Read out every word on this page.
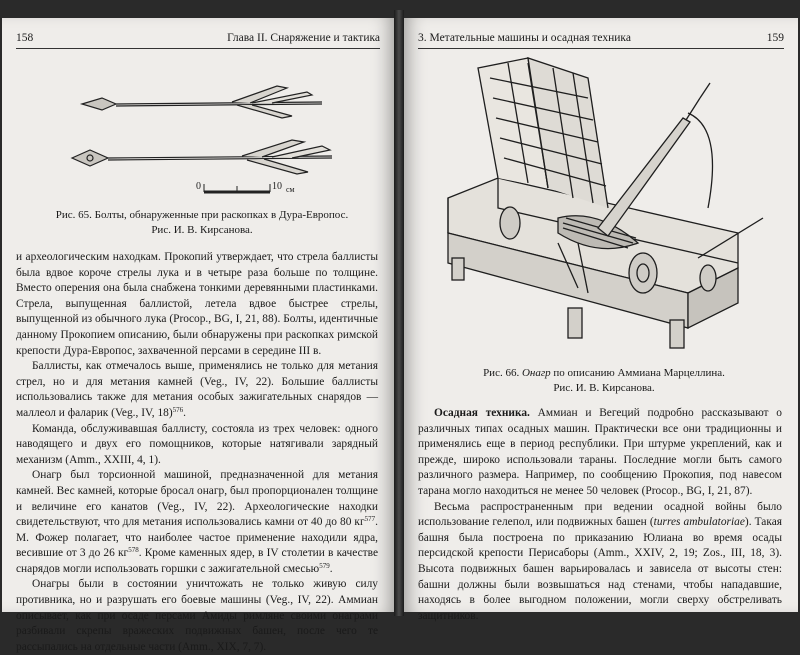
158	Глава II. Снаряжение и тактика
0	10 см
Рис. 65. Болты, обнаруженные при раскопках в Дура-Европос.
Рис. И. В. Кирсанова.

и археологическим находкам. Прокопий утверждает, что стрела баллисты была вдвое короче стрелы лука и в четыре раза больше по толщине. Вместо оперения она была снабжена тонкими деревянными пластинками. Стрела, выпущенная баллистой, летела вдвое быстрее стрелы, выпущенной из обычного лука (Procop., BG, I, 21, 88). Болты, идентичные данному Прокопием описанию, были обнаружены при раскопках римской крепости Дура-Европос, захваченной персами в середине III в.

Баллисты, как отмечалось выше, применялись не только для метания стрел, но и для метания камней (Veg., IV, 22). Большие баллисты использовались также для метания особых зажигательных снарядов — маллеол и фаларик (Veg., IV, 18)$^{576}$.

Команда, обслуживавшая баллисту, состояла из трех человек: одного наводящего и двух его помощников, которые натягивали зарядный механизм (Amm., XXIII, 4, 1).

Онагр был торсионной машиной, предназначенной для метания камней. Вес камней, которые бросал онагр, был пропорционален толщине и величине его канатов (Veg., IV, 22). Археологические находки свидетельствуют, что для метания использовались камни от 40 до 80 $кг^{577}$. М. Фожер полагает, что наиболее частое применение находили ядра, весившие от 3 до 26 $кг^{578}$. Кроме каменных ядер, в IV столетии в качестве снарядов могли использовать горшки с зажигательной смесью$^{579}$.

Онагры были в состоянии уничтожать не только живую силу противника, но и разрушать его боевые машины (Veg., IV, 22). Аммиан описывает, как при осаде персами Амиды римляне своими онаграми разбивали скрепы вражеских подвижных башен, после чего те рассыпались на отдельные части (Amm., XIX, 7, 7).

3. Метательные машины и осадная техника	159
Рис. 66. Онагр по описанию Аммиана Марцеллина.
Рис. И. В. Кирсанова.

Осадная техника. Аммиан и Вегеций подробно рассказывают о различных типах осадных машин. Практически все они традиционны и применялись еще в период республики. При штурме укреплений, как и прежде, широко использовали тараны. Последние могли быть самого различного размера. Например, по сообщению Прокопия, под навесом тарана могло находиться не менее 50 человек (Procop., BG, I, 21, 87).

Весьма распространенным при ведении осадной войны было использование гелепол, или подвижных башен (turres ambulatoriae). Такая башня была построена по приказанию Юлиана во время осады персидской крепости Перисаборы (Amm., XXIV, 2, 19; Zos., III, 18, 3). Высота подвижных башен варьировалась и зависела от высоты стен: башни должны были возвышаться над стенами, чтобы нападавшие, находясь в более выгодном положении, могли сверху обстреливать защитников.
